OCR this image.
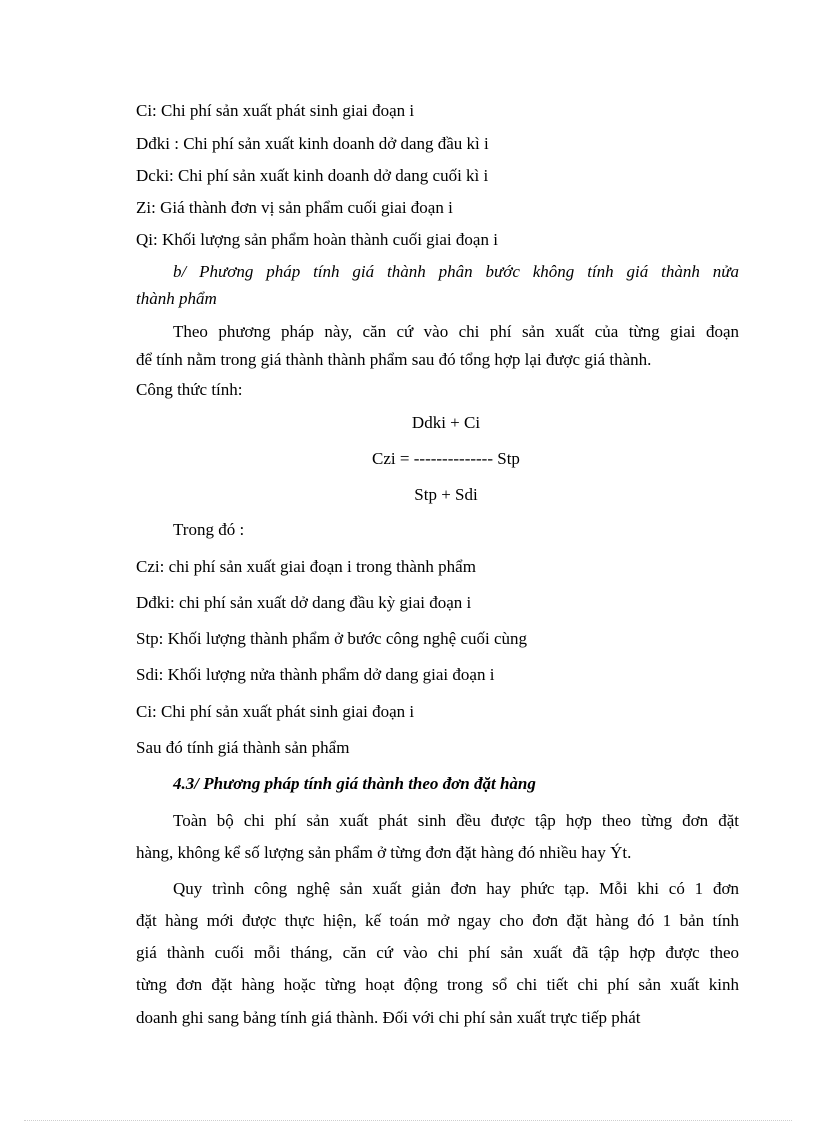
Ci: Chi phí sản xuất phát sinh giai đoạn i
Dđki : Chi phí sản xuất kinh doanh dở dang đầu kì i
Dcki: Chi phí sản xuất kinh doanh dở dang cuối kì i
Zi: Giá thành đơn vị sản phẩm cuối giai đoạn i
Qi: Khối lượng sản phẩm hoàn thành cuối giai đoạn i
b/ Phương pháp tính giá thành phân bước không tính giá thành nửa
thành phẩm
Theo phương pháp này, căn cứ vào chi phí sản xuất của từng giai đoạn
để tính nằm trong giá thành thành phẩm sau đó tổng hợp lại được giá thành.
Công thức tính:
Ddki + Ci
Czi = -------------- Stp
Stp + Sdi
Trong đó :
Czi: chi phí sản xuất giai đoạn i trong thành phẩm
Dđki: chi phí sản xuất dở dang đầu kỳ giai đoạn i
Stp: Khối lượng thành phẩm ở bước công nghệ cuối cùng
Sdi: Khối lượng nửa thành phẩm dở dang giai đoạn i
Ci: Chi phí sản xuất phát sinh giai đoạn i
Sau đó tính giá thành sản phẩm
4.3/ Phương pháp tính giá thành theo đơn đặt hàng
Toàn bộ chi phí sản xuất phát sinh đều được tập hợp theo từng đơn đặt
hàng, không kể số lượng sản phẩm ở từng đơn đặt hàng đó nhiều hay Ýt.
Quy trình công nghệ sản xuất giản đơn hay phức tạp. Mỗi khi có 1 đơn
đặt hàng mới được thực hiện, kế toán mở ngay cho đơn đặt hàng đó 1 bản tính
giá thành cuối mỗi tháng, căn cứ vào chi phí sản xuất đã tập hợp được theo
từng đơn đặt hàng hoặc từng hoạt động trong sổ chi tiết chi phí sản xuất kinh
doanh ghi sang bảng tính giá thành. Đối với chi phí sản xuất trực tiếp phát
